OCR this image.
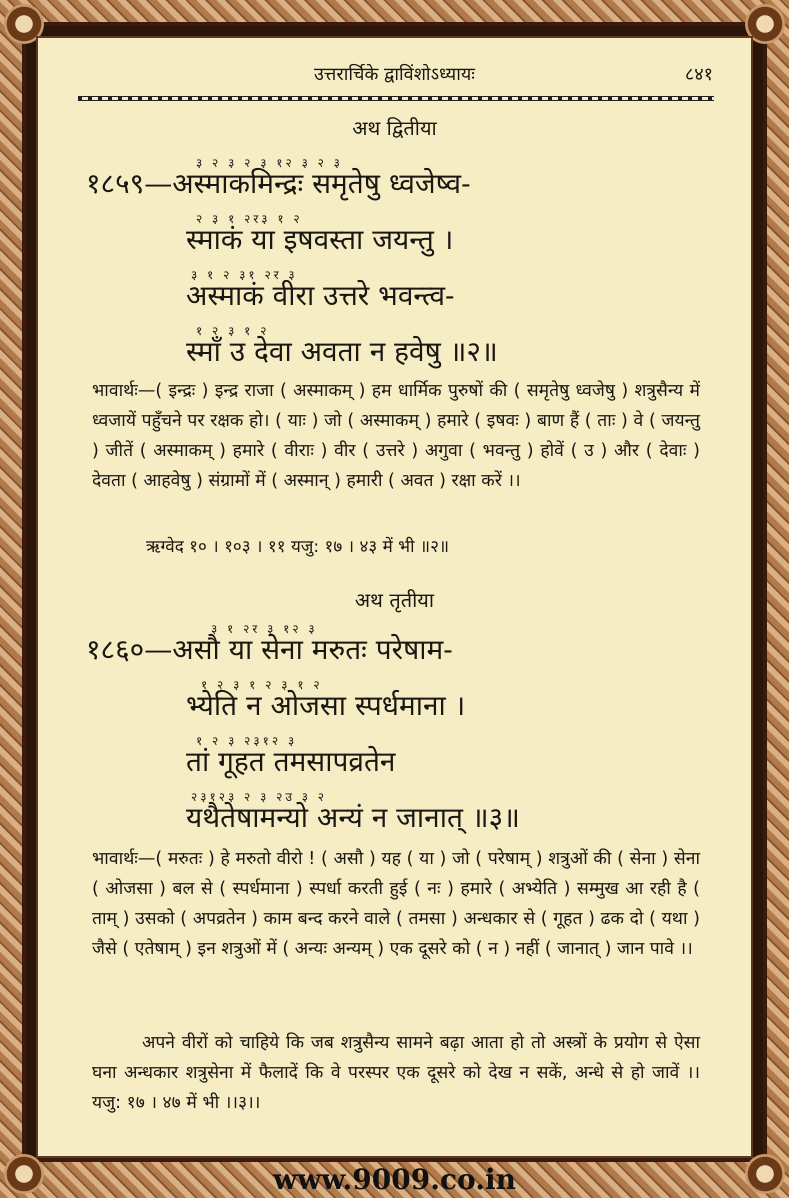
उत्तरार्चिके द्वाविंशोऽध्यायः	८४१
अथ द्वितीया
३ २ ३ २ ३ १२ ३ २ ३
१८५९—अस्माकमिन्द्रः समृतेषु ध्वजेष्व-
२ ३ १ २र३ १ २
स्माकं या इषवस्ता जयन्तु ।
३ १ २ ३१ २र ३
अस्माकं वीरा उत्तरे भवन्त्व-
१ २ ३ १ २
स्माँ उ देवा अवता न हवेषु ॥२॥

भावार्थः—( इन्द्रः ) इन्द्र राजा ( अस्माकम् ) हम धार्मिक पुरुषों की ( समृतेषु ध्वजेषु ) शत्रुसैन्य में ध्वजायें पहुँचने पर रक्षक हो। ( याः ) जो ( अस्माकम् ) हमारे ( इषवः ) बाण हैं ( ताः ) वे ( जयन्तु ) जीतें ( अस्माकम् ) हमारे ( वीराः ) वीर ( उत्तरे ) अगुवा ( भवन्तु ) होवें ( उ ) और ( देवाः ) देवता ( आहवेषु ) संग्रामों में ( अस्मान् ) हमारी ( अवत ) रक्षा करें ।।

ऋग्वेद १० । १०३ । ११ यजु: १७ । ४३ में भी ॥२॥
अथ तृतीया
३ १ २र ३ १२ ३
१८६०—असौ या सेना मरुतः परेषाम-
१ २ ३ १ २ ३ १ २
भ्येति न ओजसा स्पर्धमाना ।
१ २ ३ २३१२ ३
तां गूहत तमसापव्रतेन
२३१२३ २ ३ २उ ३ २
यथैतेषामन्यो अन्यं न जानात् ॥३॥

भावार्थः—( मरुतः ) हे मरुतो वीरो ! ( असौ ) यह ( या ) जो ( परेषाम् ) शत्रुओं की ( सेना ) सेना ( ओजसा ) बल से ( स्पर्धमाना ) स्पर्धा करती हुई ( नः ) हमारे ( अभ्येति ) सम्मुख आ रही है ( ताम् ) उसको ( अपव्रतेन ) काम बन्द करने वाले ( तमसा ) अन्धकार से ( गूहत ) ढक दो ( यथा ) जैसे ( एतेषाम् ) इन शत्रुओं में ( अन्यः अन्यम् ) एक दूसरे को ( न ) नहीं ( जानात् ) जान पावे ।।

अपने वीरों को चाहिये कि जब शत्रुसैन्य सामने बढ़ा आता हो तो अस्त्रों के प्रयोग से ऐसा घना अन्धकार शत्रुसेना में फैलादें कि वे परस्पर एक दूसरे को देख न सकें, अन्धे से हो जावें ।। यजु: १७ । ४७ में भी ।।३।।

www.9009.co.in
